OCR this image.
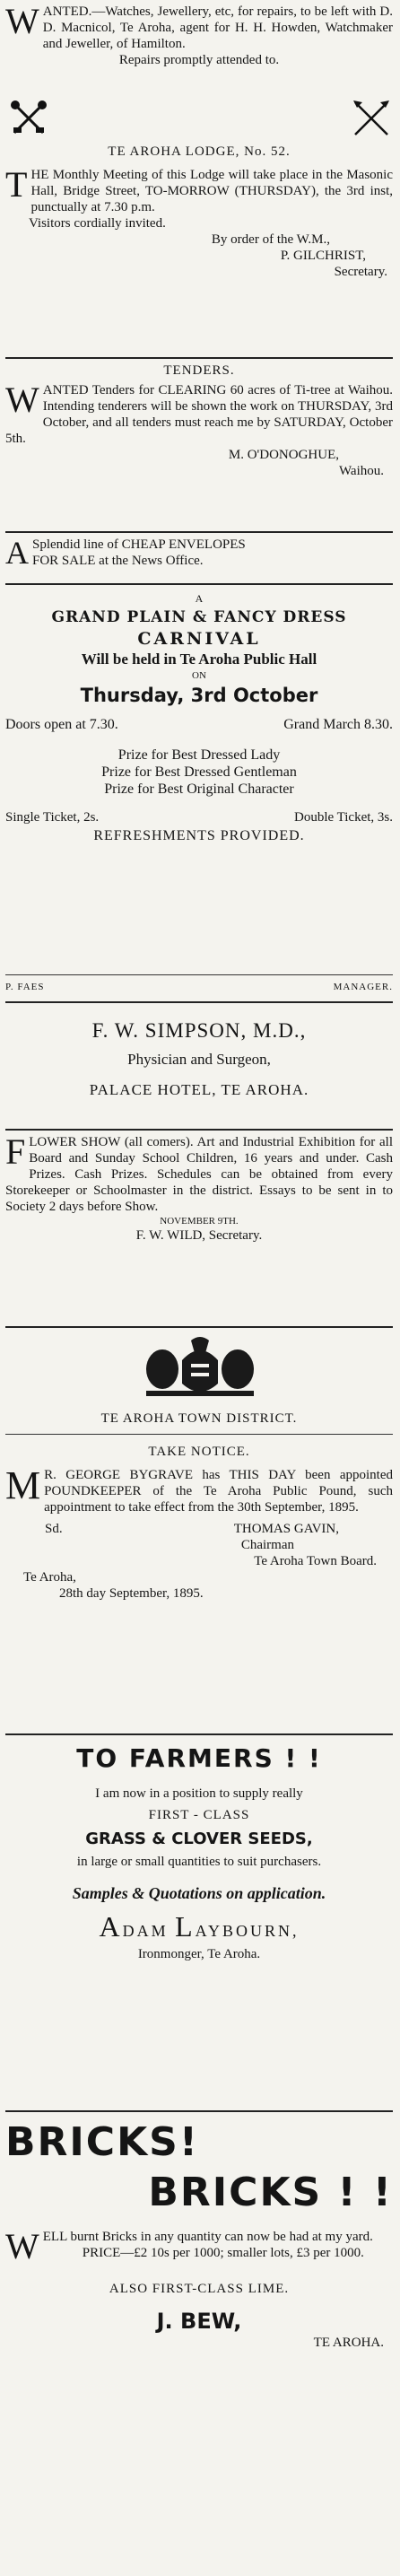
WANTED.—Watches, Jewellery, etc, for repairs, to be left with D. D. Macnicol, Te Aroha, agent for H. H. Howden, Watchmaker and Jeweller, of Hamilton.

Repairs promptly attended to.

TE AROHA LODGE, No. 52.

THE Monthly Meeting of this Lodge will take place in the Masonic Hall, Bridge Street, TO-MORROW (THURSDAY), the 3rd inst, punctually at 7.30 p.m.

Visitors cordially invited.

By order of the W.M.,

P. GILCHRIST,

Secretary.

TENDERS.

WANTED Tenders for CLEARING 60 acres of Ti-tree at Waihou. Intending tenderers will be shown the work on THURSDAY, 3rd October, and all tenders must reach me by SATURDAY, October 5th.

M. O'DONOGHUE,

Waihou.

A Splendid line of CHEAP ENVELOPES
FOR SALE at the News Office.

A

GRAND PLAIN & FANCY DRESS

CARNIVAL

Will be held in Te Aroha Public Hall

ON

Thursday, 3rd October

Doors open at 7.30.	Grand March 8.30.

Prize for Best Dressed Lady

Prize for Best Dressed Gentleman

Prize for Best Original Character

Single Ticket, 2s.	Double Ticket, 3s.

REFRESHMENTS PROVIDED.

P. FAES	MANAGER.

F. W. SIMPSON, M.D.,

Physician and Surgeon,

PALACE HOTEL, TE AROHA.

FLOWER SHOW (all comers). Art and Industrial Exhibition for all Board and Sunday School Children, 16 years and under. Cash Prizes. Cash Prizes. Schedules can be obtained from every Storekeeper or Schoolmaster in the district. Essays to be sent in to Society 2 days before Show.

NOVEMBER 9TH.

F. W. WILD, Secretary.

TE AROHA TOWN DISTRICT.

TAKE NOTICE.

M R. GEORGE BYGRAVE has THIS DAY been appointed POUNDKEEPER of the Te Aroha Public Pound, such appointment to take effect from the 30th September, 1895.

Sd.	THOMAS GAVIN,

Chairman

Te Aroha Town Board.

Te Aroha,

28th day September, 1895.

TO FARMERS ! !

I am now in a position to supply really

FIRST - CLASS

GRASS & CLOVER SEEDS,

in large or small quantities to suit purchasers.

Samples & Quotations on application.

ADAM LAYBOURN,

Ironmonger, Te Aroha.

BRICKS!

BRICKS ! !

WELL burnt Bricks in any quantity can now be had at my yard.

PRICE—£2 10s per 1000; smaller lots, £3 per 1000.

ALSO FIRST-CLASS LIME.

J. BEW,

TE AROHA.
